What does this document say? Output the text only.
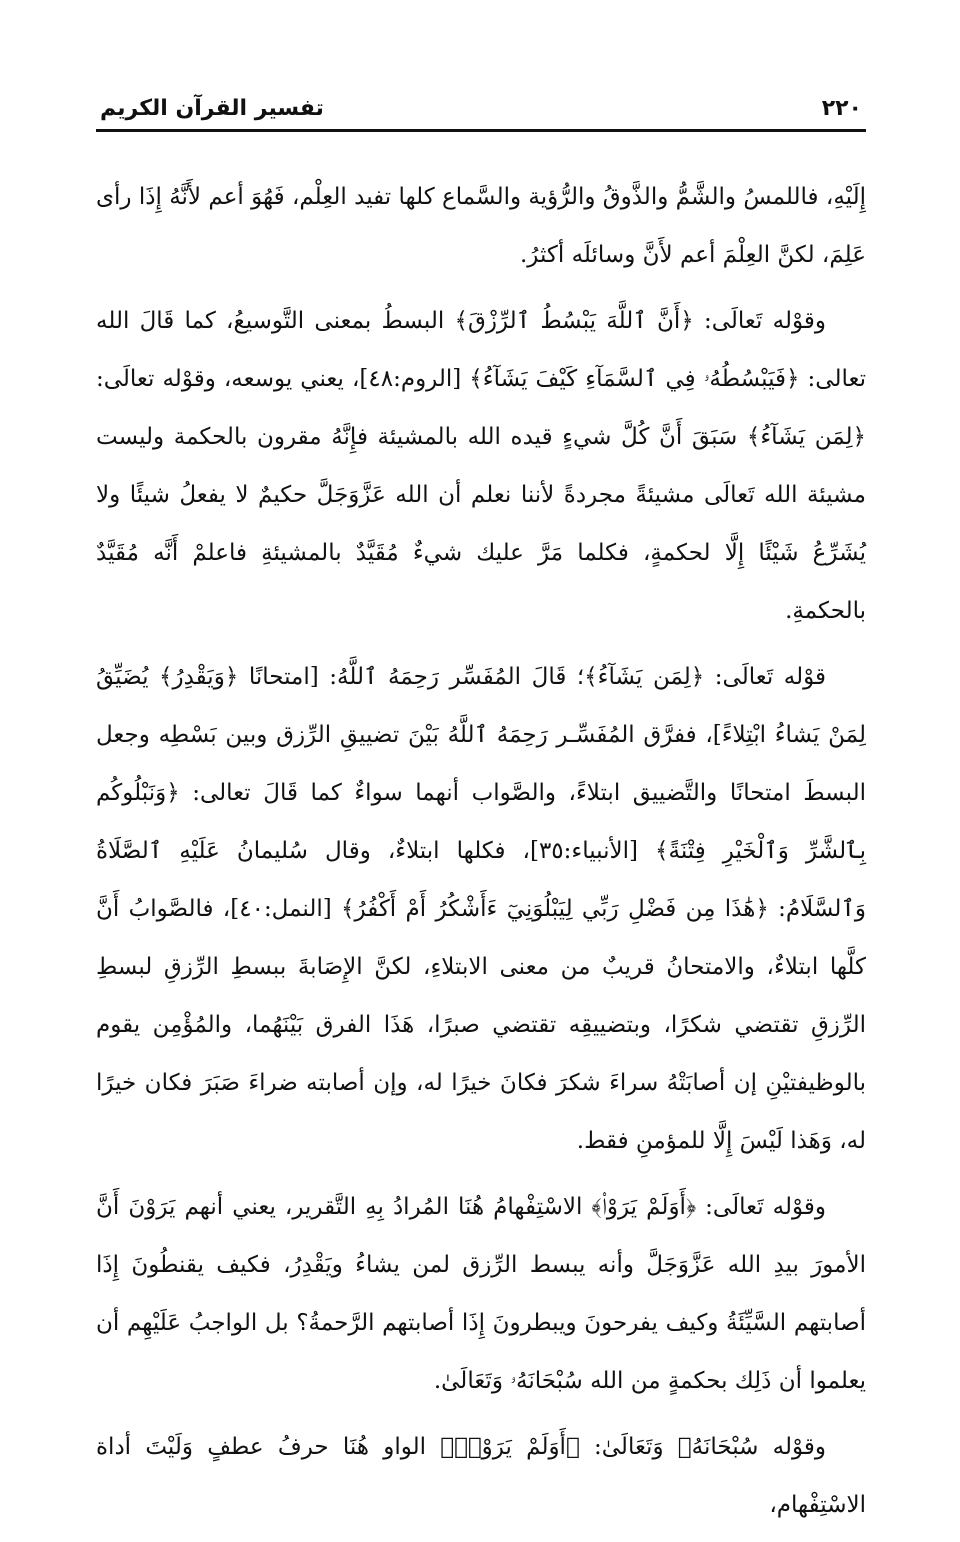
٢٢٠
تفسير القرآن الكريم

إِلَيْهِ، فاللمسُ والشَّمُّ والذَّوقُ والرُّؤية والسَّماع كلها تفيد العِلْم، فَهُوَ أعم لأَنَّهُ إِذَا رأى عَلِمَ، لكنَّ العِلْمَ أعم لأَنَّ وسائلَه أكثرُ.

وقوْله تَعالَى: ﴿أَنَّ ٱللَّهَ يَبْسُطُ ٱلرِّزْقَ﴾ البسطُ بمعنى التَّوسيعُ، كما قَالَ الله تعالى: ﴿فَيَبْسُطُهُۥ فِي ٱلسَّمَآءِ كَيْفَ يَشَآءُ﴾ [الروم:٤٨]، يعني يوسعه، وقوْله تعالَى: ﴿لِمَن يَشَآءُ﴾ سَبَقَ أَنَّ كُلَّ شيءٍ قيده الله بالمشيئة فإِنَّهُ مقرون بالحكمة وليست مشيئة الله تَعالَى مشيئةً مجردةً لأننا نعلم أن الله عَزَّوَجَلَّ حكيمٌ لا يفعلُ شيئًا ولا يُشَرِّعُ شَيْئًا إِلَّا لحكمةٍ، فكلما مَرَّ عليك شيءٌ مُقَيَّدٌ بالمشيئةِ فاعلمْ أَنَّه مُقَيَّدٌ بالحكمةِ.

قوْله تَعالَى: ﴿لِمَن يَشَآءُ﴾؛ قَالَ المُفَسِّر رَحِمَهُ ٱللَّهُ: [امتحانًا ﴿وَيَقْدِرُ﴾ يُضَيِّقُ لِمَنْ يَشاءُ ابْتِلاءً]، ففرَّق المُفَسِّـر رَحِمَهُ ٱللَّهُ بَيْنَ تضييقِ الرِّزق وبين بَسْطِه وجعل البسطَ امتحانًا والتَّضييق ابتلاءً، والصَّواب أنهما سواءٌ كما قَالَ تعالى: ﴿وَنَبْلُوكُم بِٱلشَّرِّ وَٱلْخَيْرِ فِتْنَةً﴾ [الأنبياء:٣٥]، فكلها ابتلاءٌ، وقال سُليمانُ عَلَيْهِ ٱلصَّلَاةُ وَٱلسَّلَامُ: ﴿هَٰذَا مِن فَضْلِ رَبِّي لِيَبْلُوَنِيٓ ءَأَشْكُرُ أَمْ أَكْفُرُ﴾ [النمل:٤٠]، فالصَّوابُ أَنَّ كلَّها ابتلاءٌ، والامتحانُ قريبٌ من معنى الابتلاءِ، لكنَّ الإِصَابةَ ببسطِ الرِّزقِ لبسطِ الرِّزقِ تقتضي شكرًا، وبتضييقِه تقتضي صبرًا، هَذَا الفرق بَيْنَهُما، والمُؤْمِن يقوم بالوظيفتيْنِ إن أصابَتْهُ سراءَ شكرَ فكانَ خيرًا له، وإن أصابته ضراءَ صَبَرَ فكان خيرًا له، وَهَذا لَيْسَ إِلَّا للمؤمنِ فقط.

وقوْله تَعالَى: ﴿أَوَلَمْ يَرَوْا۟﴾ الاسْتِفْهامُ هُنَا المُرادُ بِهِ التَّقرير، يعني أنهم يَرَوْنَ أَنَّ الأمورَ بيدِ الله عَزَّوَجَلَّ وأنه يبسط الرِّزق لمن يشاءُ ويَقْدِرُ، فكيف يقنطُونَ إِذَا أصابتهم السَّيِّئَةُ وكيف يفرحونَ ويبطرونَ إِذَا أصابتهم الرَّحمةُ؟ بل الواجبُ عَلَيْهِم أن يعلموا أن ذَلِك بحكمةٍ من الله سُبْحَانَهُۥ وَتَعَالَىٰ.

وقوْله سُبْحَانَهُۥ وَتَعَالَىٰ: ﴿أَوَلَمْ يَرَوْا۟﴾ الواو هُنَا حرفُ عطفٍ وَلَيْتَ أداة الاسْتِفْهام،
